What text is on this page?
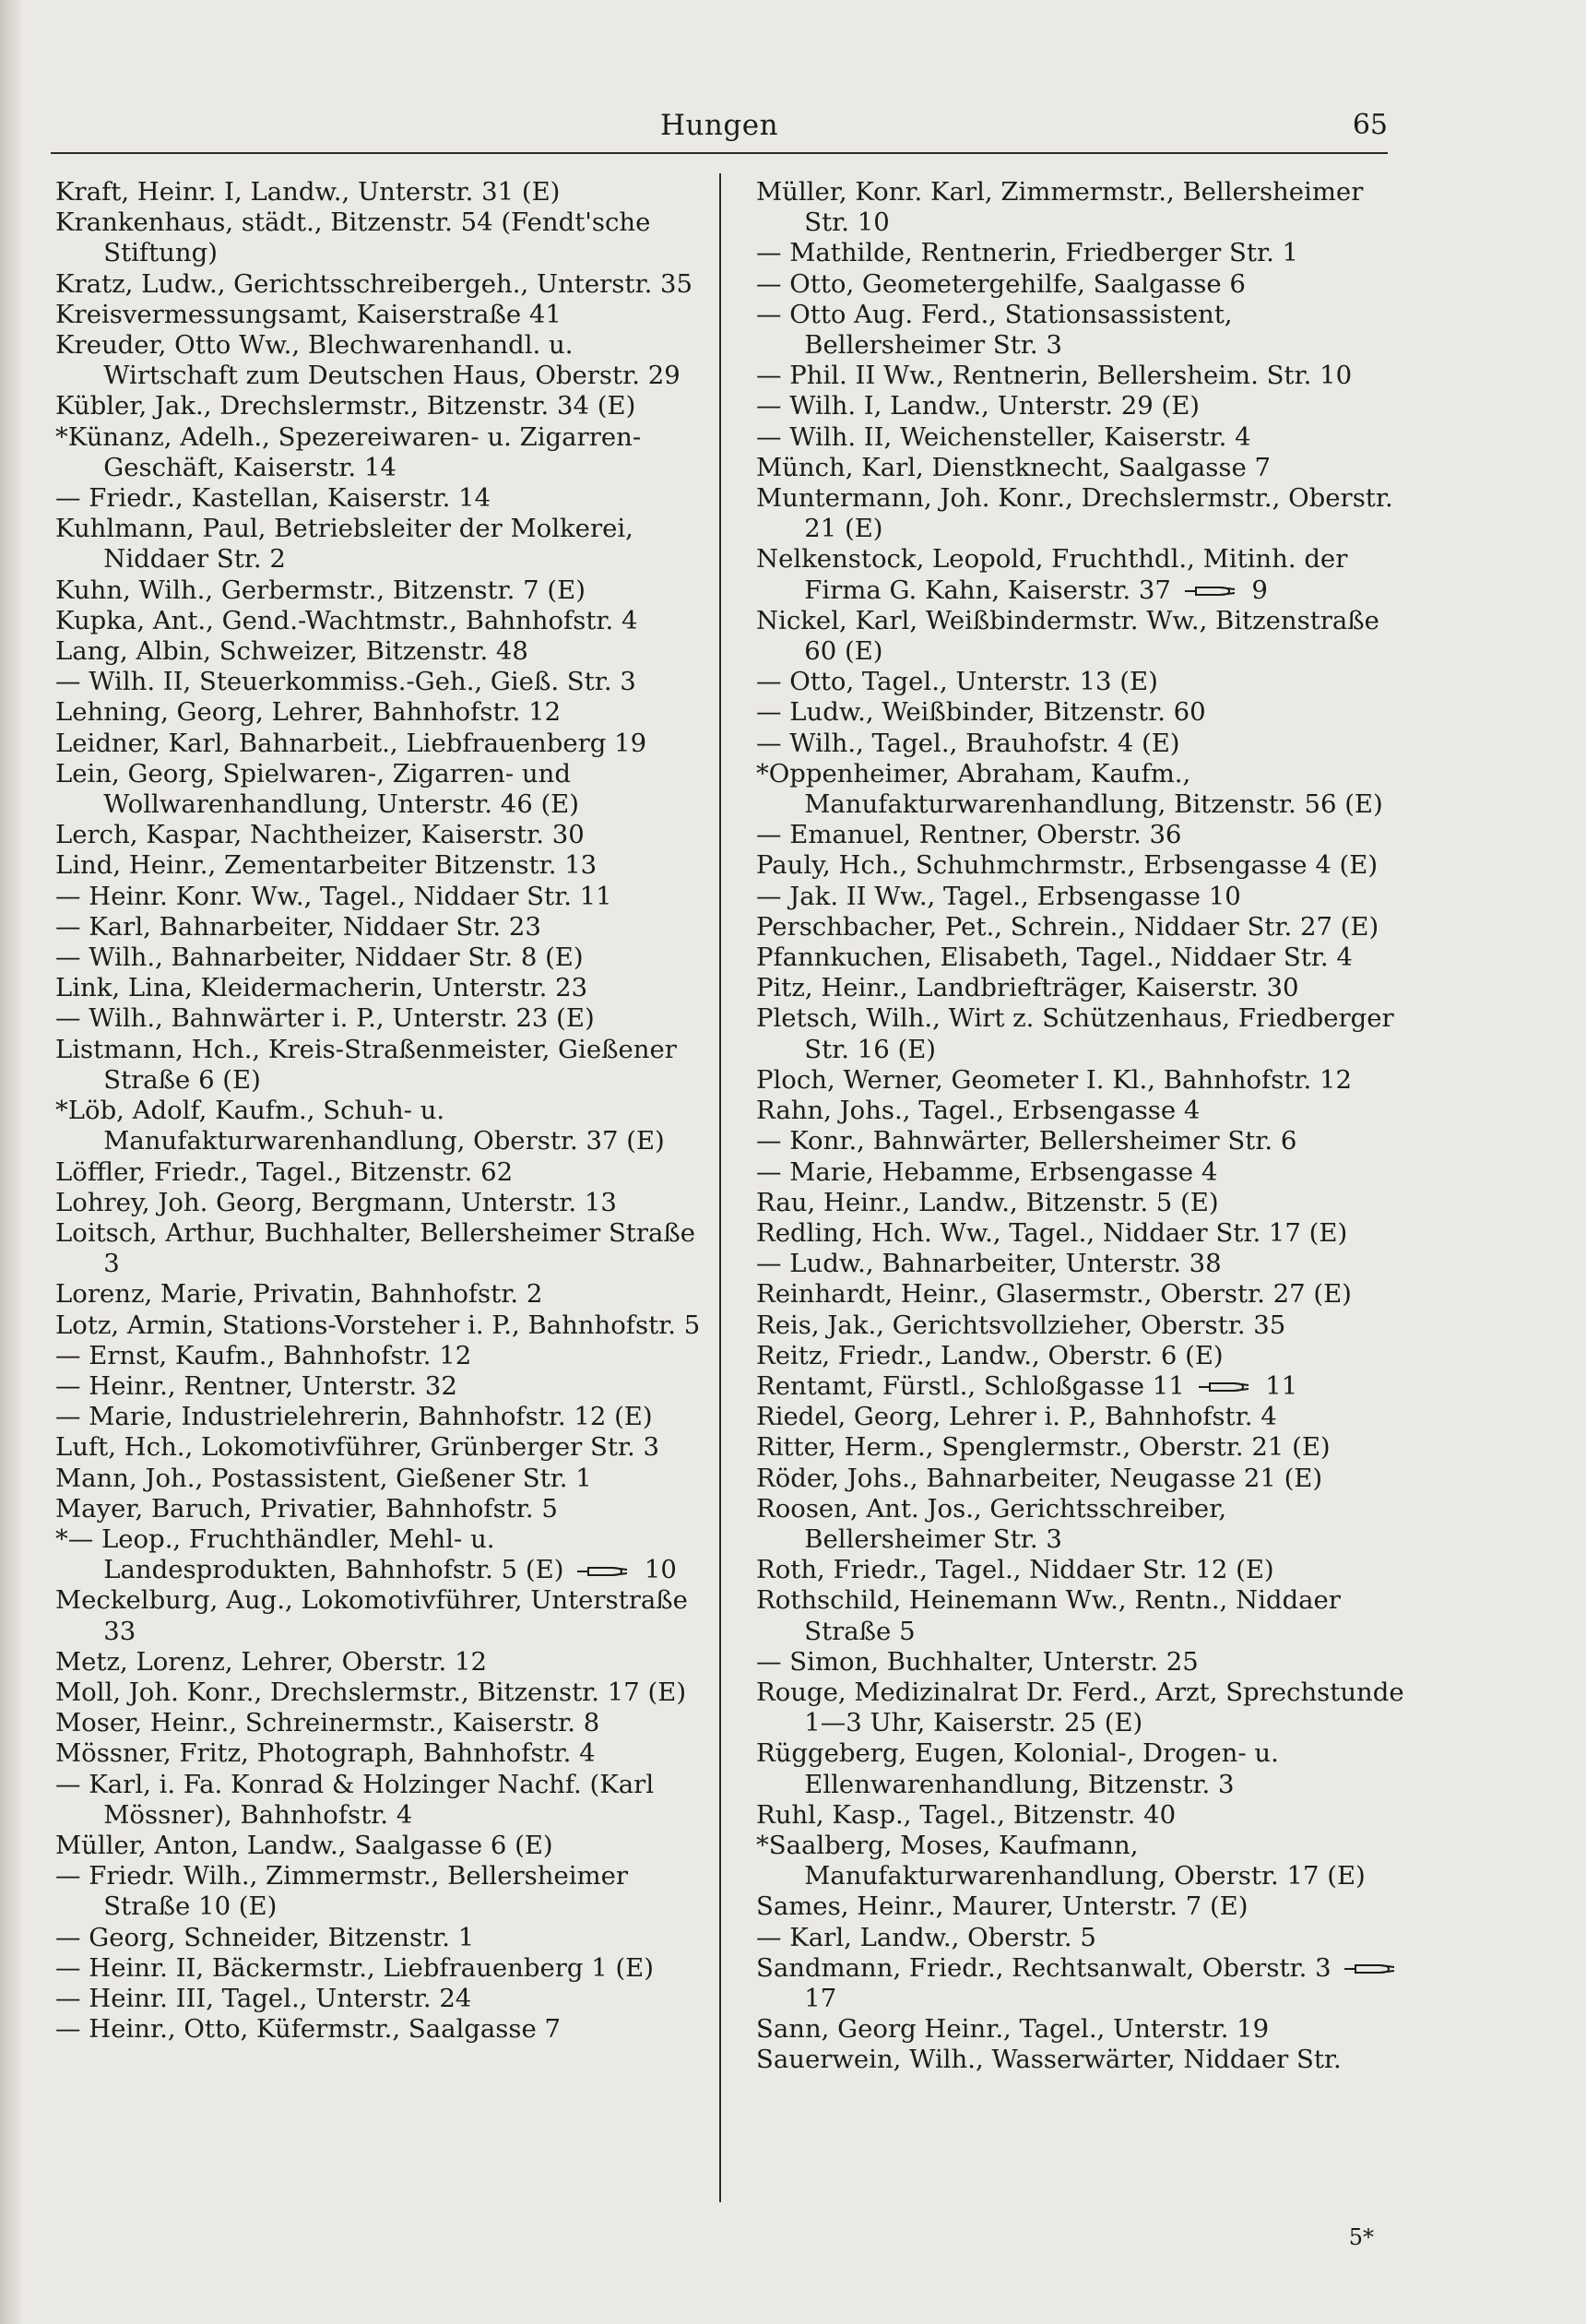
Hungen	65

Kraft, Heinr. I, Landw., Unterstr. 31 (E)

Krankenhaus, städt., Bitzenstr. 54 (Fendt'sche Stiftung)

Kratz, Ludw., Gerichtsschreibergeh., Unterstr. 35

Kreisvermessungsamt, Kaiserstraße 41

Kreuder, Otto Ww., Blechwarenhandl. u. Wirtschaft zum Deutschen Haus, Oberstr. 29

Kübler, Jak., Drechslermstr., Bitzenstr. 34 (E)

*Künanz, Adelh., Spezereiwaren- u. Zigarren-Geschäft, Kaiserstr. 14

— Friedr., Kastellan, Kaiserstr. 14

Kuhlmann, Paul, Betriebsleiter der Molkerei, Niddaer Str. 2

Kuhn, Wilh., Gerbermstr., Bitzenstr. 7 (E)

Kupka, Ant., Gend.-Wachtmstr., Bahnhofstr. 4

Lang, Albin, Schweizer, Bitzenstr. 48

— Wilh. II, Steuerkommiss.-Geh., Gieß. Str. 3

Lehning, Georg, Lehrer, Bahnhofstr. 12

Leidner, Karl, Bahnarbeit., Liebfrauenberg 19

Lein, Georg, Spielwaren-, Zigarren- und Wollwarenhandlung, Unterstr. 46 (E)

Lerch, Kaspar, Nachtheizer, Kaiserstr. 30

Lind, Heinr., Zementarbeiter Bitzenstr. 13

— Heinr. Konr. Ww., Tagel., Niddaer Str. 11

— Karl, Bahnarbeiter, Niddaer Str. 23

— Wilh., Bahnarbeiter, Niddaer Str. 8 (E)

Link, Lina, Kleidermacherin, Unterstr. 23

— Wilh., Bahnwärter i. P., Unterstr. 23 (E)

Listmann, Hch., Kreis-Straßenmeister, Gießener Straße 6 (E)

*Löb, Adolf, Kaufm., Schuh- u. Manufakturwarenhandlung, Oberstr. 37 (E)

Löffler, Friedr., Tagel., Bitzenstr. 62

Lohrey, Joh. Georg, Bergmann, Unterstr. 13

Loitsch, Arthur, Buchhalter, Bellersheimer Straße 3

Lorenz, Marie, Privatin, Bahnhofstr. 2

Lotz, Armin, Stations-Vorsteher i. P., Bahnhofstr. 5

— Ernst, Kaufm., Bahnhofstr. 12

— Heinr., Rentner, Unterstr. 32

— Marie, Industrielehrerin, Bahnhofstr. 12 (E)

Luft, Hch., Lokomotivführer, Grünberger Str. 3

Mann, Joh., Postassistent, Gießener Str. 1

Mayer, Baruch, Privatier, Bahnhofstr. 5

*— Leop., Fruchthändler, Mehl- u. Landesprodukten, Bahnhofstr. 5 (E)	10

Meckelburg, Aug., Lokomotivführer, Unterstraße 33

Metz, Lorenz, Lehrer, Oberstr. 12

Moll, Joh. Konr., Drechslermstr., Bitzenstr. 17 (E)

Moser, Heinr., Schreinermstr., Kaiserstr. 8

Mössner, Fritz, Photograph, Bahnhofstr. 4

— Karl, i. Fa. Konrad & Holzinger Nachf. (Karl Mössner), Bahnhofstr. 4

Müller, Anton, Landw., Saalgasse 6 (E)

— Friedr. Wilh., Zimmermstr., Bellersheimer Straße 10 (E)

— Georg, Schneider, Bitzenstr. 1

— Heinr. II, Bäckermstr., Liebfrauenberg 1 (E)

— Heinr. III, Tagel., Unterstr. 24

— Heinr., Otto, Küfermstr., Saalgasse 7

Müller, Konr. Karl, Zimmermstr., Bellersheimer Str. 10

— Mathilde, Rentnerin, Friedberger Str. 1

— Otto, Geometergehilfe, Saalgasse 6

— Otto Aug. Ferd., Stationsassistent, Bellersheimer Str. 3

— Phil. II Ww., Rentnerin, Bellersheim. Str. 10

— Wilh. I, Landw., Unterstr. 29 (E)

— Wilh. II, Weichensteller, Kaiserstr. 4

Münch, Karl, Dienstknecht, Saalgasse 7

Muntermann, Joh. Konr., Drechslermstr., Oberstr. 21 (E)

Nelkenstock, Leopold, Fruchthdl., Mitinh. der Firma G. Kahn, Kaiserstr. 37	9

Nickel, Karl, Weißbindermstr. Ww., Bitzenstraße 60 (E)

— Otto, Tagel., Unterstr. 13 (E)

— Ludw., Weißbinder, Bitzenstr. 60

— Wilh., Tagel., Brauhofstr. 4 (E)

*Oppenheimer, Abraham, Kaufm., Manufakturwarenhandlung, Bitzenstr. 56 (E)

— Emanuel, Rentner, Oberstr. 36

Pauly, Hch., Schuhmchrmstr., Erbsengasse 4 (E)

— Jak. II Ww., Tagel., Erbsengasse 10

Perschbacher, Pet., Schrein., Niddaer Str. 27 (E)

Pfannkuchen, Elisabeth, Tagel., Niddaer Str. 4

Pitz, Heinr., Landbriefträger, Kaiserstr. 30

Pletsch, Wilh., Wirt z. Schützenhaus, Friedberger Str. 16 (E)

Ploch, Werner, Geometer I. Kl., Bahnhofstr. 12

Rahn, Johs., Tagel., Erbsengasse 4

— Konr., Bahnwärter, Bellersheimer Str. 6

— Marie, Hebamme, Erbsengasse 4

Rau, Heinr., Landw., Bitzenstr. 5 (E)

Redling, Hch. Ww., Tagel., Niddaer Str. 17 (E)

— Ludw., Bahnarbeiter, Unterstr. 38

Reinhardt, Heinr., Glasermstr., Oberstr. 27 (E)

Reis, Jak., Gerichtsvollzieher, Oberstr. 35

Reitz, Friedr., Landw., Oberstr. 6 (E)

Rentamt, Fürstl., Schloßgasse 11	11

Riedel, Georg, Lehrer i. P., Bahnhofstr. 4

Ritter, Herm., Spenglermstr., Oberstr. 21 (E)

Röder, Johs., Bahnarbeiter, Neugasse 21 (E)

Roosen, Ant. Jos., Gerichtsschreiber, Bellersheimer Str. 3

Roth, Friedr., Tagel., Niddaer Str. 12 (E)

Rothschild, Heinemann Ww., Rentn., Niddaer Straße 5

— Simon, Buchhalter, Unterstr. 25

Rouge, Medizinalrat Dr. Ferd., Arzt, Sprechstunde 1—3 Uhr, Kaiserstr. 25 (E)

Rüggeberg, Eugen, Kolonial-, Drogen- u. Ellenwarenhandlung, Bitzenstr. 3

Ruhl, Kasp., Tagel., Bitzenstr. 40

*Saalberg, Moses, Kaufmann, Manufakturwarenhandlung, Oberstr. 17 (E)

Sames, Heinr., Maurer, Unterstr. 7 (E)

— Karl, Landw., Oberstr. 5

Sandmann, Friedr., Rechtsanwalt, Oberstr. 3  17

Sann, Georg Heinr., Tagel., Unterstr. 19

Sauerwein, Wilh., Wasserwärter, Niddaer Str.

5*
